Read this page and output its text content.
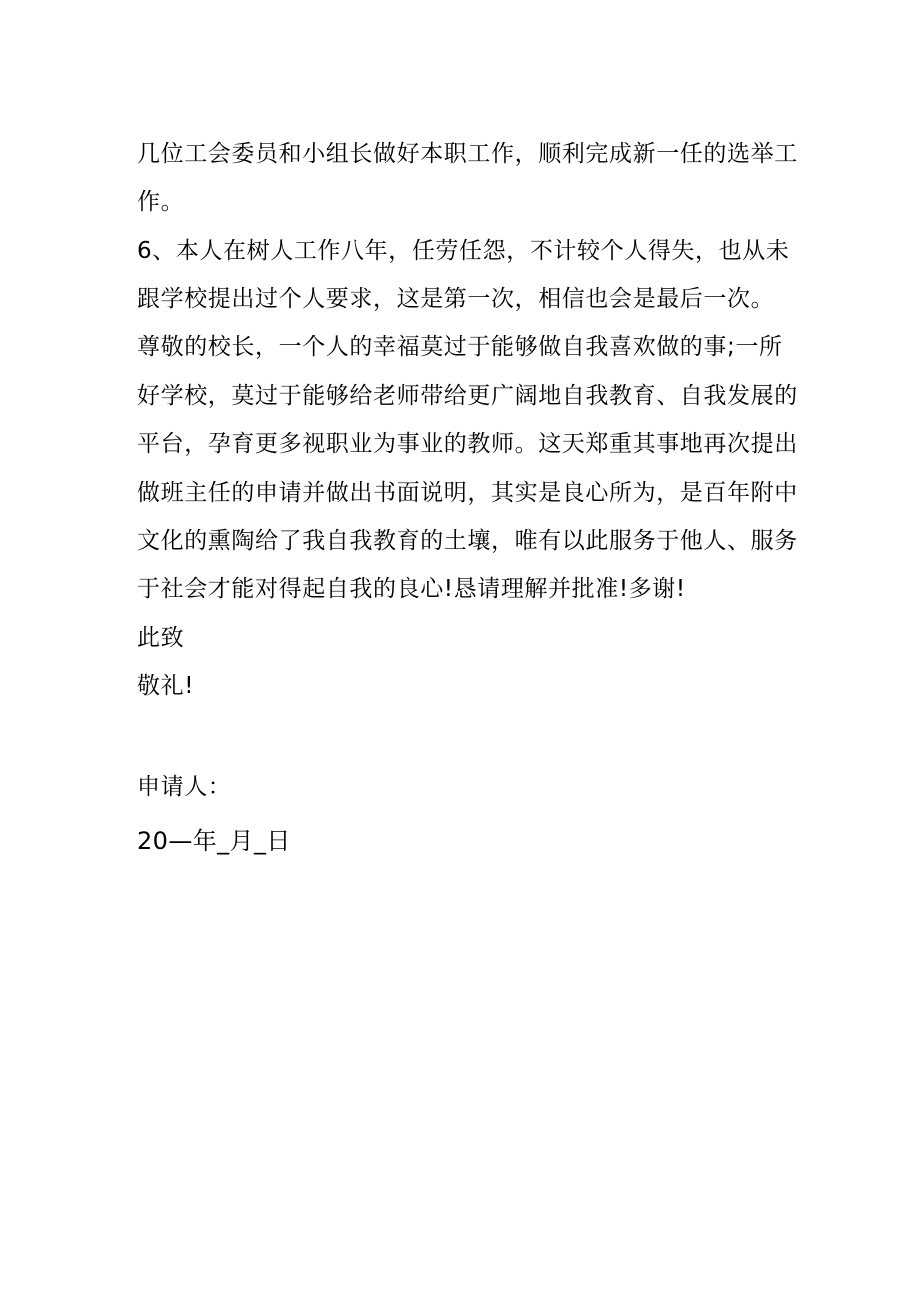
几位工会委员和小组长做好本职工作，顺利完成新一任的选举工
作。
6、本人在树人工作八年，任劳任怨，不计较个人得失，也从未
跟学校提出过个人要求，这是第一次，相信也会是最后一次。
尊敬的校长，一个人的幸福莫过于能够做自我喜欢做的事;一所
好学校，莫过于能够给老师带给更广阔地自我教育、自我发展的
平台，孕育更多视职业为事业的教师。这天郑重其事地再次提出
做班主任的申请并做出书面说明，其实是良心所为，是百年附中
文化的熏陶给了我自我教育的土壤，唯有以此服务于他人、服务
于社会才能对得起自我的良心!恳请理解并批准!多谢!
此致
敬礼!
申请人：
20—年_月_日
